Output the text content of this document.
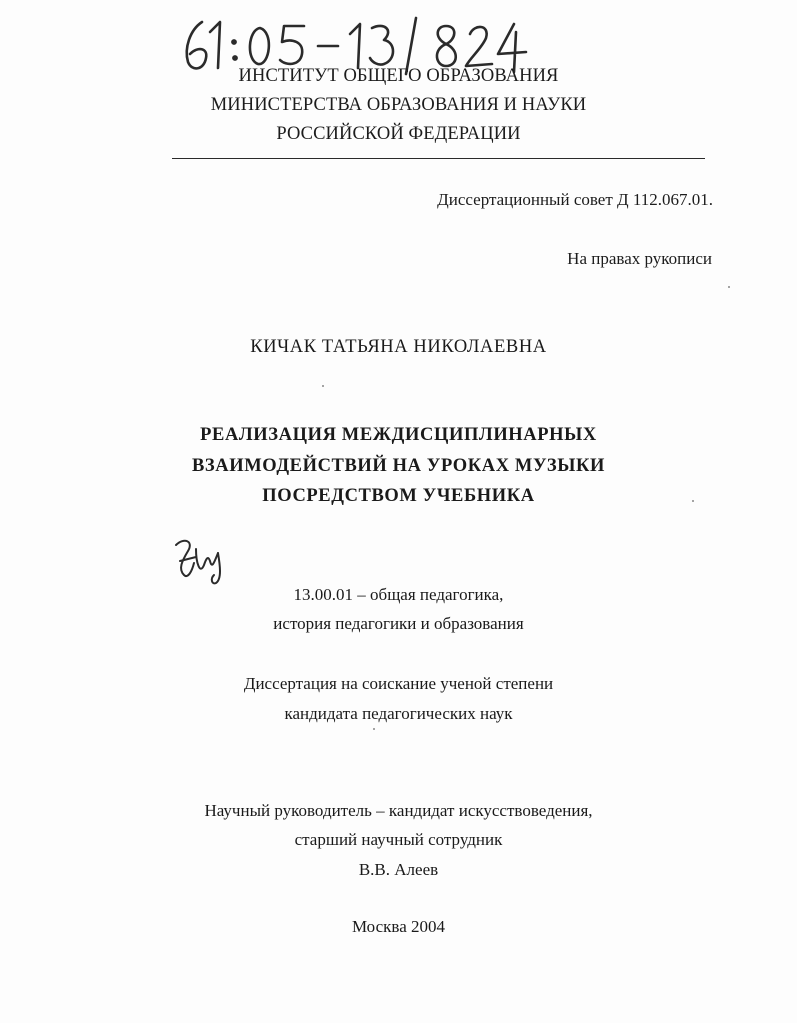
ИНСТИТУТ ОБЩЕГО ОБРАЗОВАНИЯ
МИНИСТЕРСТВА ОБРАЗОВАНИЯ И НАУКИ
РОССИЙСКОЙ ФЕДЕРАЦИИ
Диссертационный совет Д 112.067.01.
На правах рукописи
КИЧАК ТАТЬЯНА НИКОЛАЕВНА
РЕАЛИЗАЦИЯ МЕЖДИСЦИПЛИНАРНЫХ
ВЗАИМОДЕЙСТВИЙ НА УРОКАХ МУЗЫКИ
ПОСРЕДСТВОМ УЧЕБНИКА
13.00.01 – общая педагогика,
история педагогики и образования
Диссертация на соискание ученой степени
кандидата педагогических наук
Научный руководитель – кандидат искусствоведения,
старший научный сотрудник
В.В. Алеев
Москва 2004
